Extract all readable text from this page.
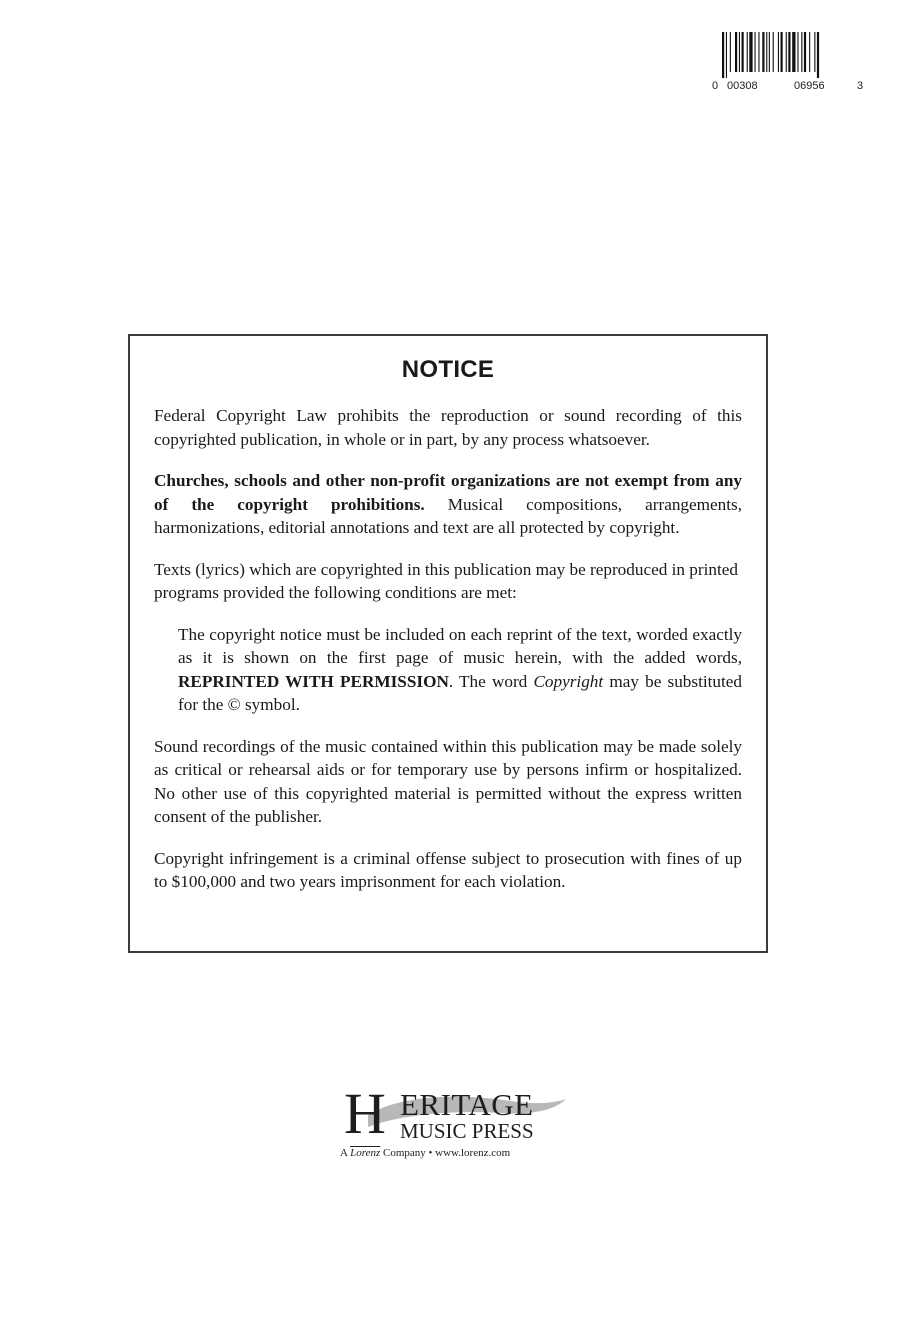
0 00308	06956	3
NOTICE

Federal Copyright Law prohibits the reproduction or sound recording of this copyrighted publication, in whole or in part, by any process whatsoever.

Churches, schools and other non-profit organizations are not exempt from any of the copyright prohibitions. Musical compositions, arrangements, harmonizations, editorial annotations and text are all protected by copyright.

Texts (lyrics) which are copyrighted in this publication may be reproduced in printed programs provided the following conditions are met:

The copyright notice must be included on each reprint of the text, worded exactly as it is shown on the first page of music herein, with the added words, REPRINTED WITH PERMISSION. The word Copyright may be substituted for the © symbol.

Sound recordings of the music contained within this publication may be made solely as critical or rehearsal aids or for temporary use by persons infirm or hospitalized. No other use of this copyrighted material is permitted without the express written consent of the publisher.

Copyright infringement is a criminal offense subject to prosecution with fines of up to $100,000 and two years imprisonment for each violation.

H ERITAGE
MUSIC PRESS
A Lorenz Company • www.lorenz.com
